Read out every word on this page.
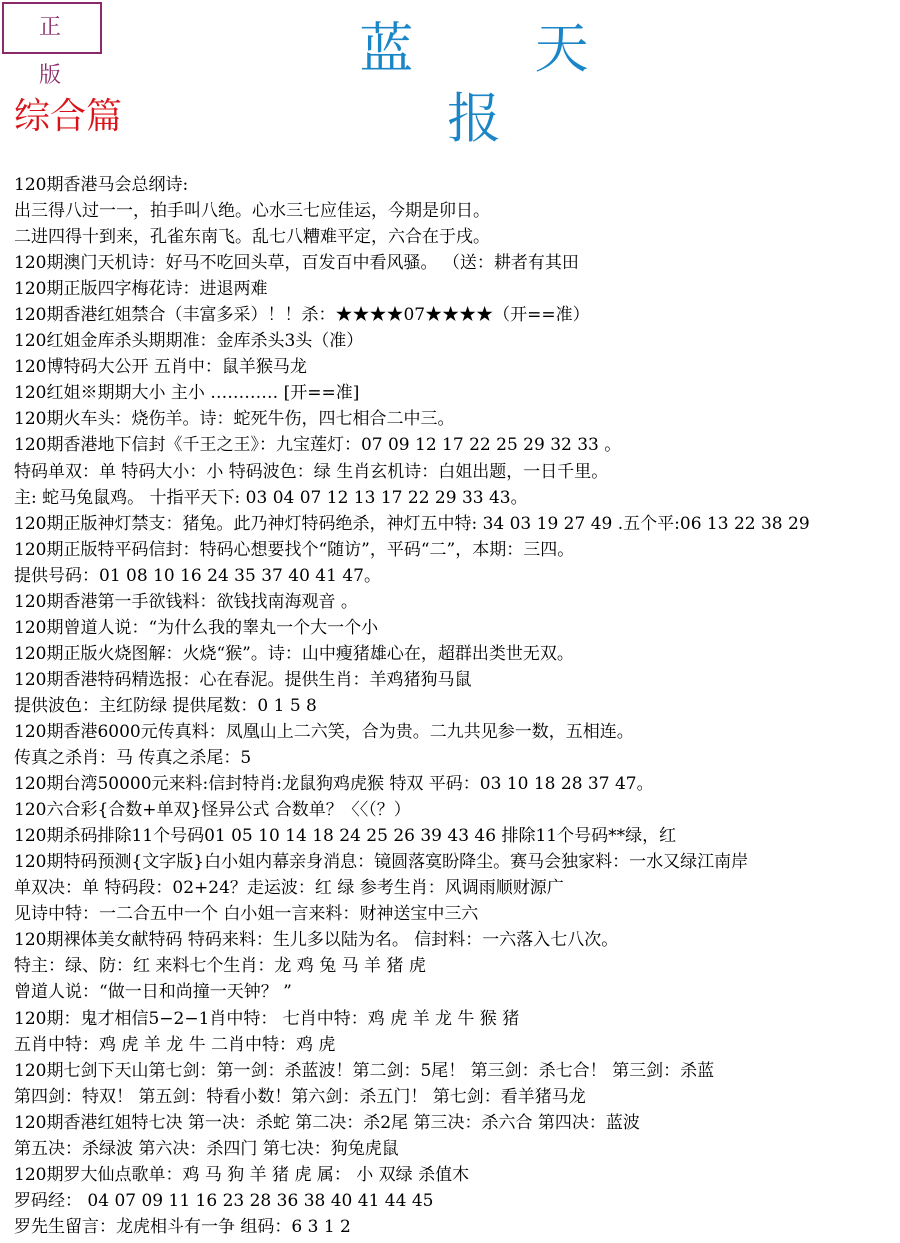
正 版	蓝 天 报
综合篇
120期香港马会总纲诗:
出三得八过一一，拍手叫八绝。心水三七应佳运，今期是卯日。
二进四得十到来，孔雀东南飞。乱七八糟难平定，六合在于戌。
120期澳门天机诗：好马不吃回头草，百发百中看风骚。 （送：耕者有其田
120期正版四字梅花诗：进退两难
120期香港红姐禁合（丰富多采）！！杀：★★★★07★★★★（开==准）
120红姐金库杀头期期准：金库杀头3头（准）
120博特码大公开 五肖中：鼠羊猴马龙
120红姐※期期大小 主小 ………… [开==准]
120期火车头：烧伤羊。诗：蛇死牛伤，四七相合二中三。
120期香港地下信封《千王之王》：九宝莲灯：07 09 12 17 22 25 29 32 33 。
特码单双：单 特码大小：小 特码波色：绿 生肖玄机诗：白姐出题，一日千里。
主: 蛇马兔鼠鸡。 十指平天下: 03 04 07 12 13 17 22 29 33 43。
120期正版神灯禁支：猪兔。此乃神灯特码绝杀，神灯五中特: 34 03 19 27 49 .五个平:06 13 22 38 29
120期正版特平码信封：特码心想要找个“随访”，平码“二”，本期：三四。
提供号码：01 08 10 16 24 35 37 40 41 47。
120期香港第一手欲钱料：欲钱找南海观音 。
120期曾道人说：“为什么我的睾丸一个大一个小
120期正版火烧图解：火烧“猴”。诗：山中瘦猪雄心在，超群出类世无双。
120期香港特码精选报：心在春泥。提供生肖：羊鸡猪狗马鼠
提供波色：主红防绿 提供尾数：0 1 5 8
120期香港6000元传真料：凤凰山上二六笑，合为贵。二九共见参一数，五相连。
传真之杀肖：马 传真之杀尾：5
120期台湾50000元来料:信封特肖:龙鼠狗鸡虎猴 特双 平码：03 10 18 28 37 47。
120六合彩{合数+单双}怪异公式 合数单？〈〈（？）
120期杀码排除11个号码01 05 10 14 18 24 25 26 39 43 46 排除11个号码**绿，红
120期特码预测{文字版}白小姐内幕亲身消息：镜圆落寞盼降尘。赛马会独家料：一水又绿江南岸
单双决：单 特码段：02+24？走运波：红 绿 参考生肖：风调雨顺财源广
见诗中特：一二合五中一个 白小姐一言来料：财神送宝中三六
120期裸体美女献特码 特码来料：生儿多以陆为名。 信封料：一六落入七八次。
特主：绿、防：红 来料七个生肖：龙 鸡 兔 马 羊 猪 虎
曾道人说：“做一日和尚撞一天钟？ ”
120期：鬼才相信5−2−1肖中特： 七肖中特：鸡 虎 羊 龙 牛 猴 猪
五肖中特：鸡 虎 羊 龙 牛 二肖中特：鸡 虎
120期七剑下天山第七剑：第一剑：杀蓝波！第二剑：5尾！ 第三剑：杀七合！ 第三剑：杀蓝
第四剑：特双！ 第五剑：特看小数！第六剑：杀五门！ 第七剑：看羊猪马龙
120期香港红姐特七决 第一决：杀蛇 第二决：杀2尾 第三决：杀六合 第四决：蓝波
第五决：杀绿波 第六决：杀四门 第七决：狗兔虎鼠
120期罗大仙点歌单：鸡 马 狗 羊 猪 虎 属： 小 双绿 杀值木
罗码经： 04 07 09 11 16 23 28 36 38 40 41 44 45
罗先生留言：龙虎相斗有一争 组码：6 3 1 2
